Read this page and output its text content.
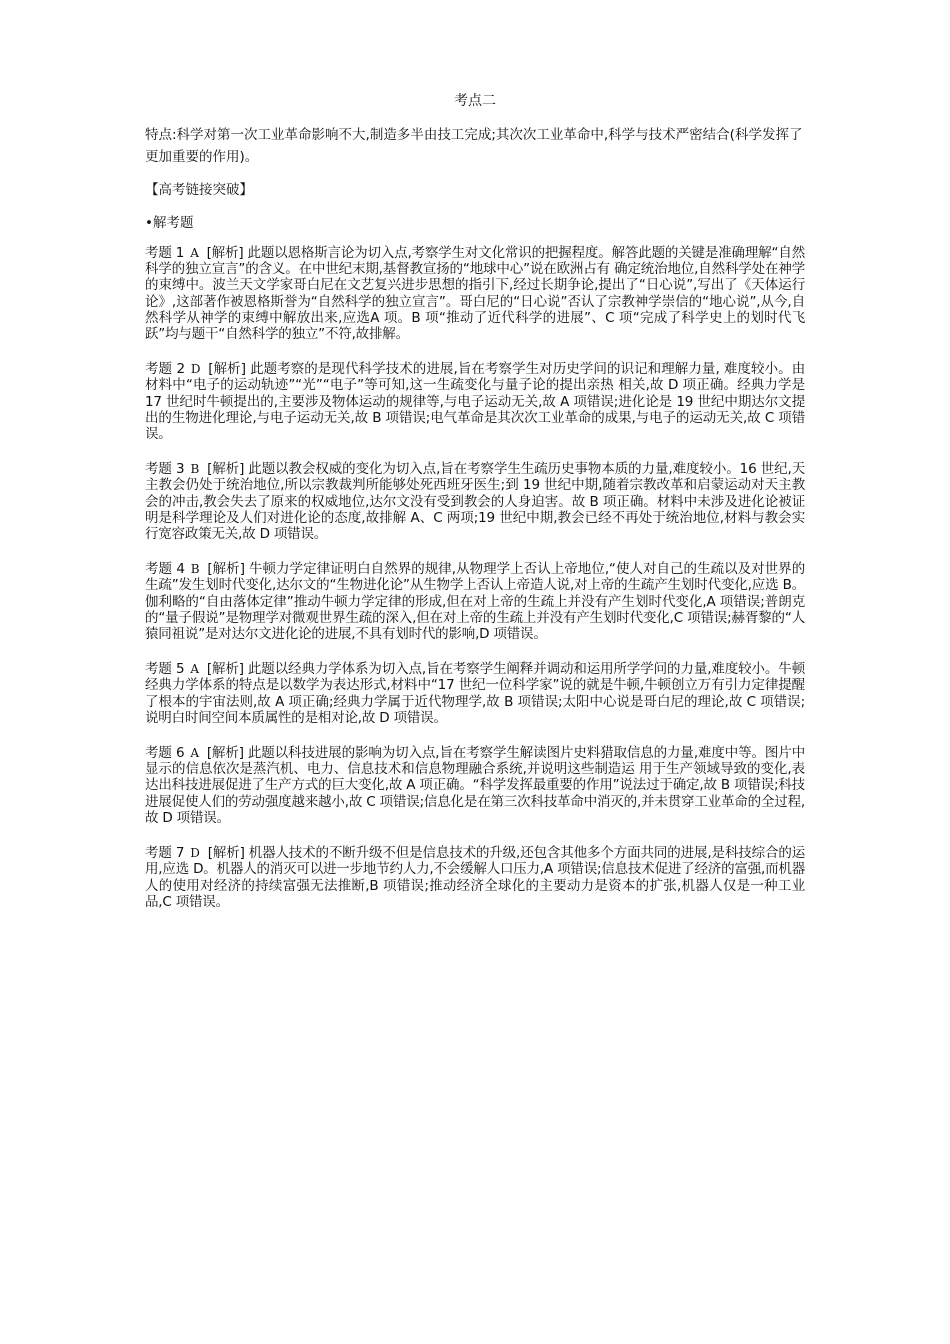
考点二
特点:科学对第一次工业革命影响不大,制造多半由技工完成;其次次工业革命中,科学与技术严密结合(科学发挥了更加重要的作用)。
【高考链接突破】
•解考题
考题 1 A [解析] 此题以恩格斯言论为切入点,考察学生对文化常识的把握程度。解答此题的关键是准确理解“自然科学的独立宣言”的含义。在中世纪末期,基督教宣扬的“地球中心”说在欧洲占有 确定统治地位,自然科学处在神学的束缚中。波兰天文学家哥白尼在文艺复兴进步思想的指引下,经过长期争论,提出了“日心说”,写出了《天体运行论》,这部著作被恩格斯誉为“自然科学的独立宣言”。哥白尼的“日心说”否认了宗教神学崇信的“地心说”,从今,自然科学从神学的束缚中解放出来,应选A 项。B 项“推动了近代科学的进展”、C 项“完成了科学史上的划时代飞跃”均与题干“自然科学的独立”不符,故排解。
考题 2 D [解析] 此题考察的是现代科学技术的进展,旨在考察学生对历史学问的识记和理解力量, 难度较小。由材料中“电子的运动轨迹”“光”“电子”等可知,这一生疏变化与量子论的提出亲热 相关,故 D 项正确。经典力学是 17 世纪时牛顿提出的,主要涉及物体运动的规律等,与电子运动无关,故 A 项错误;进化论是 19 世纪中期达尔文提出的生物进化理论,与电子运动无关,故 B 项错误;电气革命是其次次工业革命的成果,与电子的运动无关,故 C 项错误。
考题 3 B [解析] 此题以教会权威的变化为切入点,旨在考察学生生疏历史事物本质的力量,难度较小。16 世纪,天主教会仍处于统治地位,所以宗教裁判所能够处死西班牙医生;到 19 世纪中期,随着宗教改革和启蒙运动对天主教会的冲击,教会失去了原来的权威地位,达尔文没有受到教会的人身迫害。故 B 项正确。材料中未涉及进化论被证明是科学理论及人们对进化论的态度,故排解 A、C 两项;19 世纪中期,教会已经不再处于统治地位,材料与教会实行宽容政策无关,故 D 项错误。
考题 4 B [解析] 牛顿力学定律证明白自然界的规律,从物理学上否认上帝地位,“使人对自己的生疏以及对世界的生疏”发生划时代变化,达尔文的“生物进化论”从生物学上否认上帝造人说,对上帝的生疏产生划时代变化,应选 B。伽利略的“自由落体定律”推动牛顿力学定律的形成,但在对上帝的生疏上并没有产生划时代变化,A 项错误;普朗克的“量子假说”是物理学对微观世界生疏的深入,但在对上帝的生疏上并没有产生划时代变化,C 项错误;赫胥黎的“人猿同祖说”是对达尔文进化论的进展,不具有划时代的影响,D 项错误。
考题 5 A [解析] 此题以经典力学体系为切入点,旨在考察学生阐释并调动和运用所学学问的力量,难度较小。牛顿经典力学体系的特点是以数学为表达形式,材料中“17 世纪一位科学家”说的就是牛顿,牛顿创立万有引力定律提醒了根本的宇宙法则,故 A 项正确;经典力学属于近代物理学,故 B 项错误;太阳中心说是哥白尼的理论,故 C 项错误;说明白时间空间本质属性的是相对论,故 D 项错误。
考题 6 A [解析] 此题以科技进展的影响为切入点,旨在考察学生解读图片史料猎取信息的力量,难度中等。图片中显示的信息依次是蒸汽机、电力、信息技术和信息物理融合系统,并说明这些制造运 用于生产领域导致的变化,表达出科技进展促进了生产方式的巨大变化,故 A 项正确。“科学发挥最重要的作用”说法过于确定,故 B 项错误;科技进展促使人们的劳动强度越来越小,故 C 项错误;信息化是在第三次科技革命中消灭的,并未贯穿工业革命的全过程,故 D 项错误。
考题 7 D [解析] 机器人技术的不断升级不但是信息技术的升级,还包含其他多个方面共同的进展,是科技综合的运用,应选 D。机器人的消灭可以进一步地节约人力,不会缓解人口压力,A 项错误;信息技术促进了经济的富强,而机器人的使用对经济的持续富强无法推断,B 项错误;推动经济全球化的主要动力是资本的扩张,机器人仅是一种工业品,C 项错误。
